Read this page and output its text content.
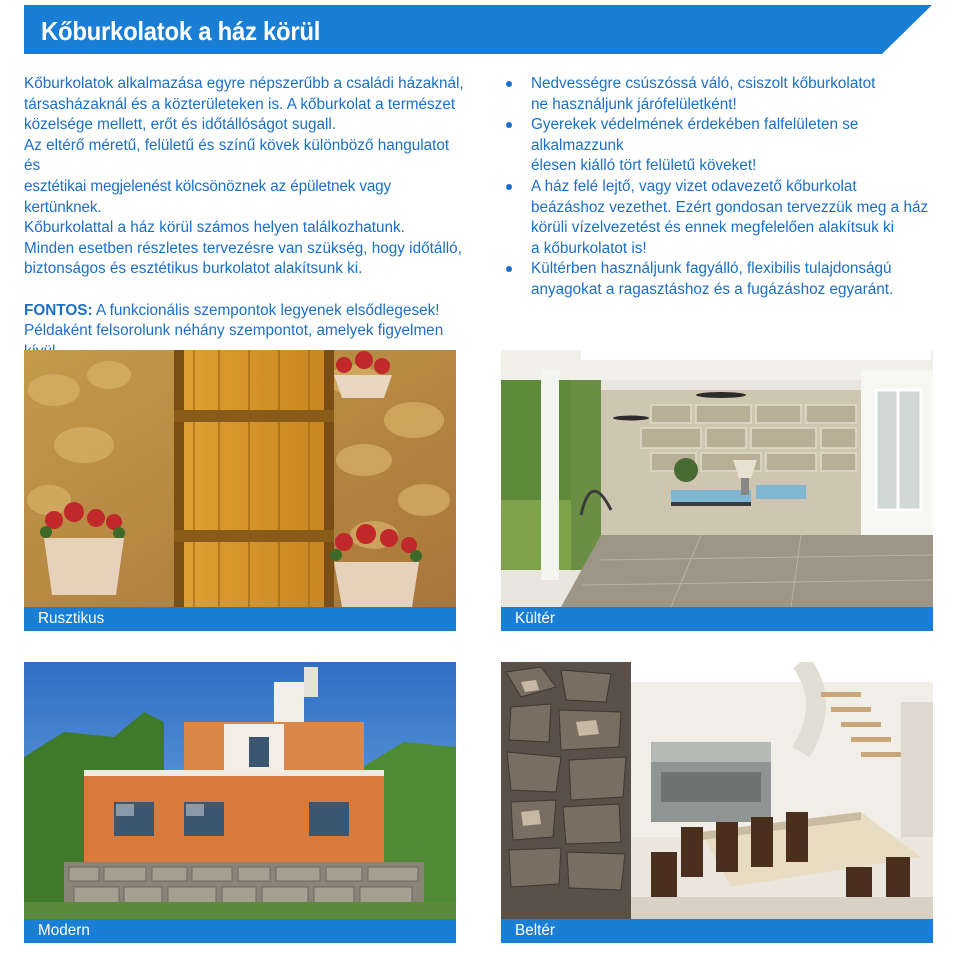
Kőburkolatok a ház körül

Kőburkolatok alkalmazása egyre népszerűbb a családi házaknál,

társasházaknál és a közterületeken is. A kőburkolat a természet

közelsége mellett, erőt és időtállóságot sugall.

Az eltérő méretű, felületű és színű kövek különböző hangulatot és

esztétikai megjelenést kölcsönöznek az épületnek vagy kertünknek.

Kőburkolattal a ház körül számos helyen találkozhatunk.

Minden esetben részletes tervezésre van szükség, hogy időtálló,

biztonságos és esztétikus burkolatot alakítsunk ki.

FONTOS: A funkcionális szempontok legyenek elsődlegesek!

Példaként felsorolunk néhány szempontot, amelyek figyelmen

Nedvességre csúszóssá váló, csiszolt kőburkolatot
ne használjunk járófelületként!
Gyerekek védelmének érdekében falfelületen se alkalmazzunk
élesen kiálló tört felületű köveket!
A ház felé lejtő, vagy vizet odavezető kőburkolat
beázáshoz vezethet. Ezért gondosan tervezzük meg a ház
körüli vízelvezetést és ennek megfelelően alakítsuk ki
a kőburkolatot is!
Kültérben használjunk fagyálló, flexibilis tulajdonságú
anyagokat a ragasztáshoz és a fugázáshoz egyaránt.
Rusztikus	Kültér
Modern	Beltér
